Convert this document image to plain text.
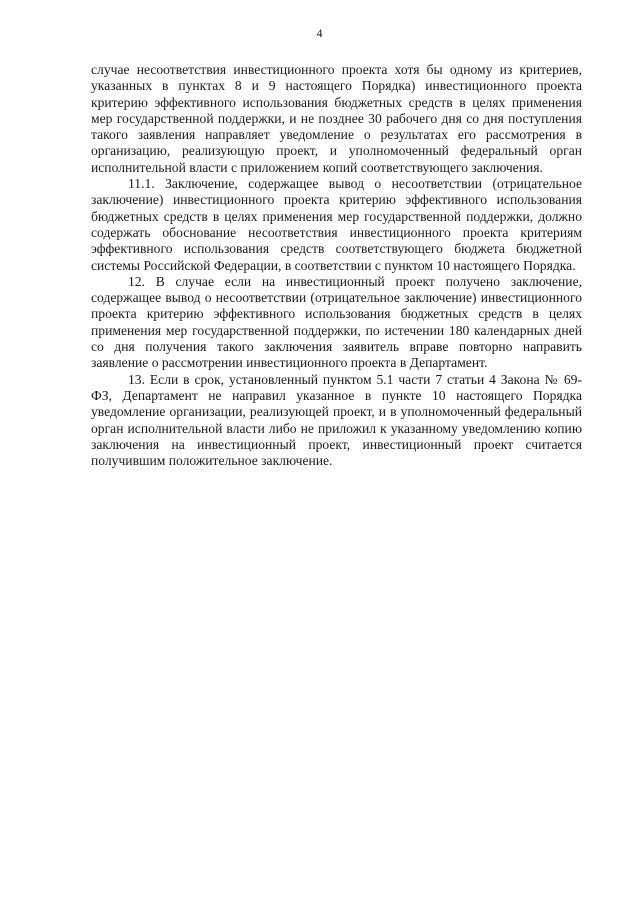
4

случае несоответствия инвестиционного проекта хотя бы одному из критериев, указанных в пунктах 8 и 9 настоящего Порядка) инвестиционного проекта критерию эффективного использования бюджетных средств в целях применения мер государственной поддержки, и не позднее 30 рабочего дня со дня поступления такого заявления направляет уведомление о результатах его рассмотрения в организацию, реализующую проект, и уполномоченный федеральный орган исполнительной власти с приложением копий соответствующего заключения.

11.1. Заключение, содержащее вывод о несоответствии (отрицательное заключение) инвестиционного проекта критерию эффективного использования бюджетных средств в целях применения мер государственной поддержки, должно содержать обоснование несоответствия инвестиционного проекта критериям эффективного использования средств соответствующего бюджета бюджетной системы Российской Федерации, в соответствии с пунктом 10 настоящего Порядка.

12. В случае если на инвестиционный проект получено заключение, содержащее вывод о несоответствии (отрицательное заключение) инвестиционного проекта критерию эффективного использования бюджетных средств в целях применения мер государственной поддержки, по истечении 180 календарных дней со дня получения такого заключения заявитель вправе повторно направить заявление о рассмотрении инвестиционного проекта в Департамент.

13. Если в срок, установленный пунктом 5.1 части 7 статьи 4 Закона № 69-ФЗ, Департамент не направил указанное в пункте 10 настоящего Порядка уведомление организации, реализующей проект, и в уполномоченный федеральный орган исполнительной власти либо не приложил к указанному уведомлению копию заключения на инвестиционный проект, инвестиционный проект считается получившим положительное заключение.
